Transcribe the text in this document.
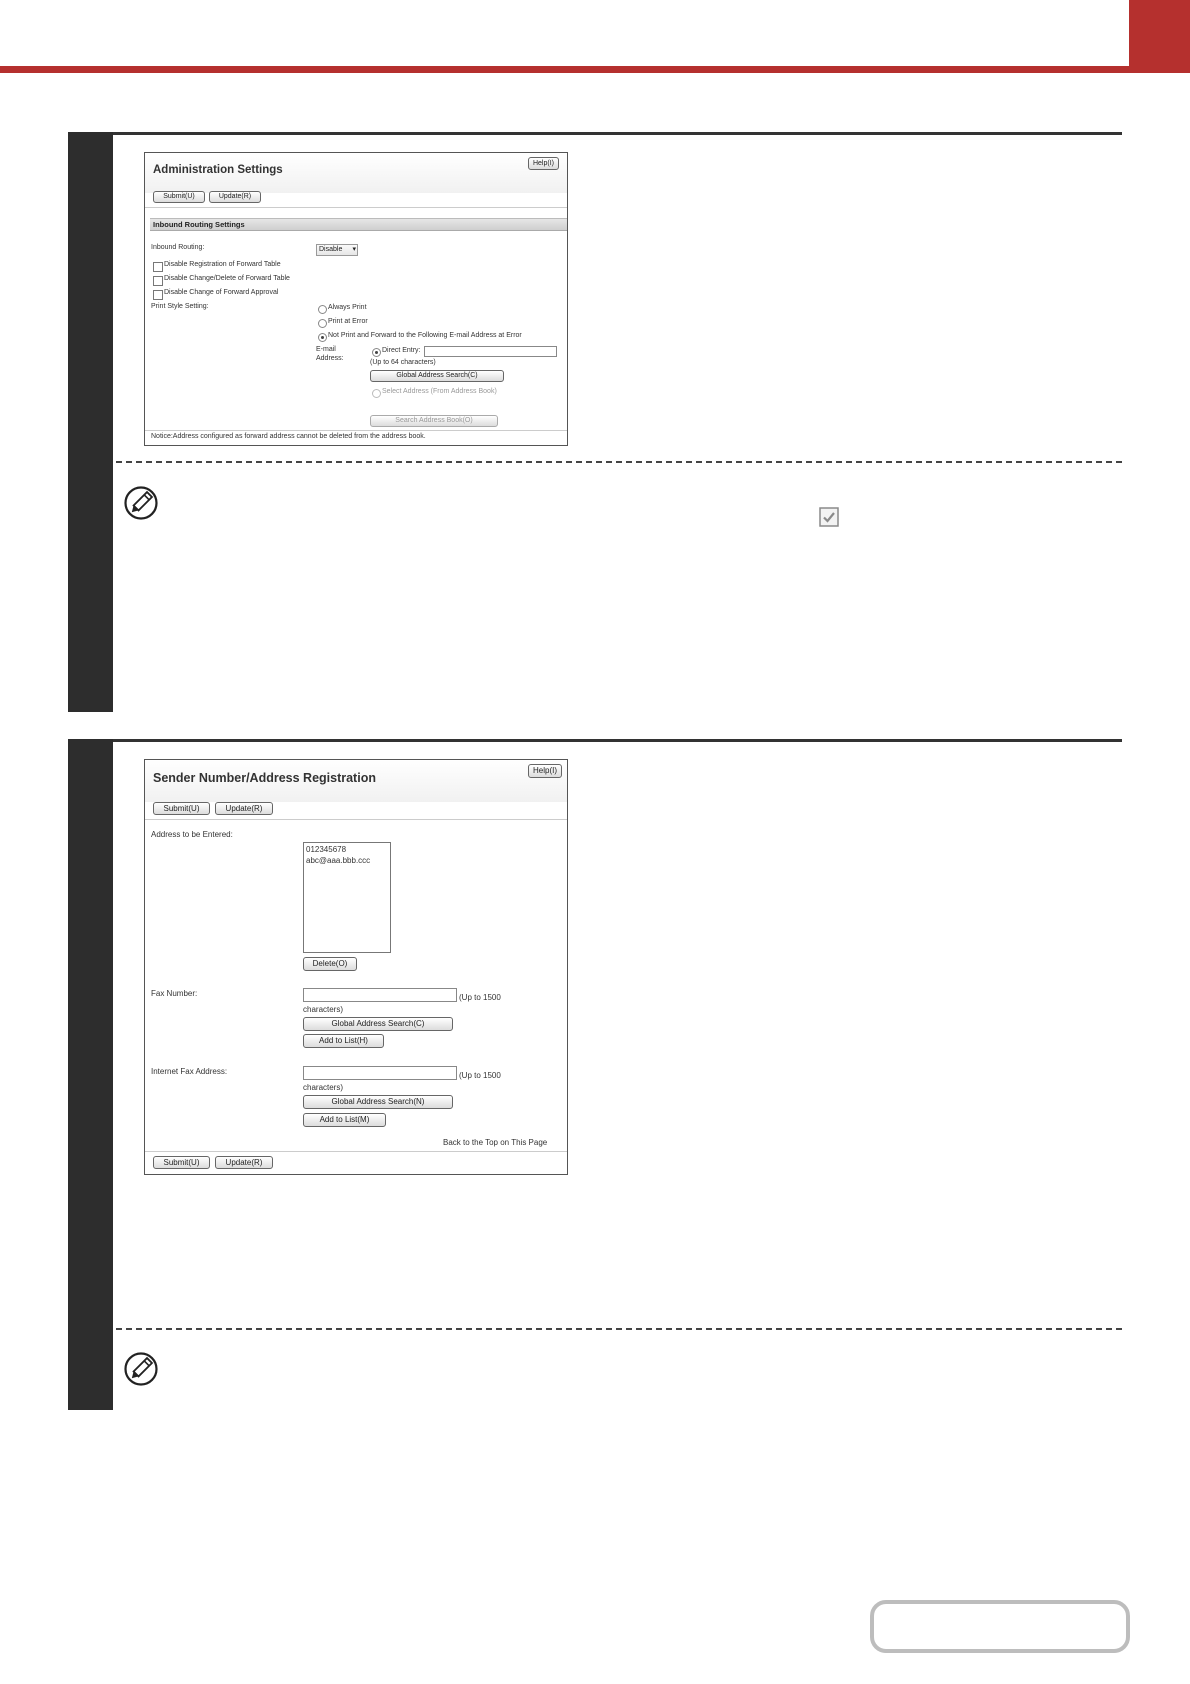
Administration Settings
Help(I)
Submit(U)	Update(R)
Inbound Routing Settings
Inbound Routing:	Disable ▾
Disable Registration of Forward Table
Disable Change/Delete of Forward Table
Disable Change of Forward Approval
Print Style Setting:	Always Print
Print at Error
Not Print and Forward to the Following E-mail Address at Error
E-mail
Address:
Direct Entry:
(Up to 64 characters)
Global Address Search(C)
Select Address (From Address Book)
Search Address Book(O)
Notice:Address configured as forward address cannot be deleted from the address book.
Sender Number/Address Registration
Help(I)
Submit(U)	Update(R)
Address to be Entered:
012345678
abc@aaa.bbb.ccc
Delete(O)
Fax Number:	(Up to 1500
characters)
Global Address Search(C)
Add to List(H)
Internet Fax Address:	(Up to 1500
characters)
Global Address Search(N)
Add to List(M)
Back to the Top on This Page
Submit(U)	Update(R)
